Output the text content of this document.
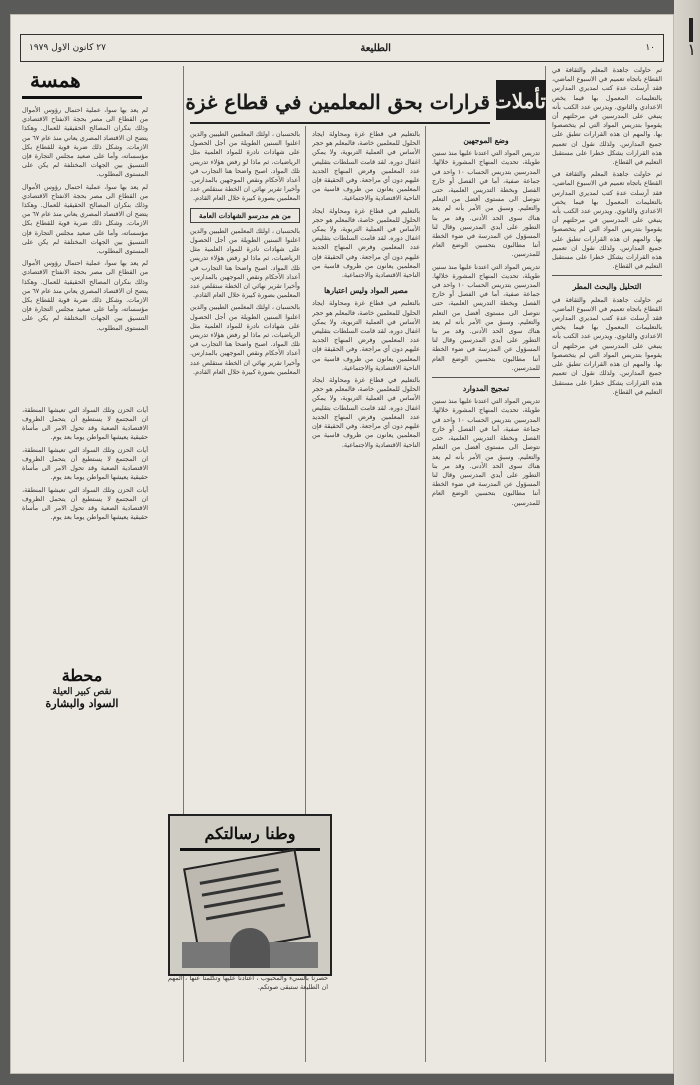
١٠
الطليعة
٢٧ كانون الاول ١٩٧٩

ثم حاولت جاهدة المعلم والثقافة في القطاع باتجاه تعميم في الاسبوع الماضي، فقد أرسلت عدة كتب لمديري المدارس بالتعليمات المعمول بها فيما يخص الاعدادي والثانوي. ويدرس عدد الكتب بأنه ينبغي على المدرسين في مرحلتهم أن يقوموا بتدريس المواد التي لم يتخصصوا بها. والمهم ان هذه القرارات تطبق على جميع المدارس. ولذلك نقول ان تعميم هذه القرارات يشكل خطرا على مستقبل التعليم في القطاع.

ثم حاولت جاهدة المعلم والثقافة في القطاع باتجاه تعميم في الاسبوع الماضي، فقد أرسلت عدة كتب لمديري المدارس بالتعليمات المعمول بها فيما يخص الاعدادي والثانوي. ويدرس عدد الكتب بأنه ينبغي على المدرسين في مرحلتهم أن يقوموا بتدريس المواد التي لم يتخصصوا بها. والمهم ان هذه القرارات تطبق على جميع المدارس. ولذلك نقول ان تعميم هذه القرارات يشكل خطرا على مستقبل التعليم في القطاع.

التحليل والبحث المطر

ثم حاولت جاهدة المعلم والثقافة في القطاع باتجاه تعميم في الاسبوع الماضي، فقد أرسلت عدة كتب لمديري المدارس بالتعليمات المعمول بها فيما يخص الاعدادي والثانوي. ويدرس عدد الكتب بأنه ينبغي على المدرسين في مرحلتهم أن يقوموا بتدريس المواد التي لم يتخصصوا بها. والمهم ان هذه القرارات تطبق على جميع المدارس. ولذلك نقول ان تعميم هذه القرارات يشكل خطرا على مستقبل التعليم في القطاع.

تأملات
قرارات بحق المعلمين في قطاع غزة
وضع الموجهين

تدريس المواد التي اعتدنا عليها منذ سنين طويلة، تحديث المنهاج المشورة خلالها. المدرسين بتدريس الحساب ١٠ واحد في جماعة صفية، أما في الفصل أو خارج الفصل وبخطة التدريس العلمية، حتى نتوصل الى مستوى أفضل من التعلم والتعليم. وسبق من الأمر بأنه لم يعد هناك سوى الحد الأدنى. وقد مر بنا التطور على أيدي المدرسين وقال لنا المسؤول عن المدرسة في ضوء الخطة أننا مطالبون بتحسين الوضع العام للمدرسين.

تدريس المواد التي اعتدنا عليها منذ سنين طويلة، تحديث المنهاج المشورة خلالها. المدرسين بتدريس الحساب ١٠ واحد في جماعة صفية، أما في الفصل أو خارج الفصل وبخطة التدريس العلمية، حتى نتوصل الى مستوى أفضل من التعلم والتعليم. وسبق من الأمر بأنه لم يعد هناك سوى الحد الأدنى. وقد مر بنا التطور على أيدي المدرسين وقال لنا المسؤول عن المدرسة في ضوء الخطة أننا مطالبون بتحسين الوضع العام للمدرسين.

تمجيج المدوارد

تدريس المواد التي اعتدنا عليها منذ سنين طويلة، تحديث المنهاج المشورة خلالها. المدرسين بتدريس الحساب ١٠ واحد في جماعة صفية، أما في الفصل أو خارج الفصل وبخطة التدريس العلمية، حتى نتوصل الى مستوى أفضل من التعلم والتعليم. وسبق من الأمر بأنه لم يعد هناك سوى الحد الأدنى. وقد مر بنا التطور على أيدي المدرسين وقال لنا المسؤول عن المدرسة في ضوء الخطة أننا مطالبون بتحسين الوضع العام للمدرسين.

بالتعليم في قطاع غزة ومحاولة ايجاد الحلول للمعلمين خاصة، فالمعلم هو حجر الأساس في العملية التربوية، ولا يمكن اغفال دوره. لقد قامت السلطات بتقليص عدد المعلمين وفرض المنهاج الجديد عليهم دون أي مراجعة. وفي الحقيقة فإن المعلمين يعانون من ظروف قاسية من الناحية الاقتصادية والاجتماعية.

بالتعليم في قطاع غزة ومحاولة ايجاد الحلول للمعلمين خاصة، فالمعلم هو حجر الأساس في العملية التربوية، ولا يمكن اغفال دوره. لقد قامت السلطات بتقليص عدد المعلمين وفرض المنهاج الجديد عليهم دون أي مراجعة. وفي الحقيقة فإن المعلمين يعانون من ظروف قاسية من الناحية الاقتصادية والاجتماعية.

مصير المواد وليس اعتبارها

بالتعليم في قطاع غزة ومحاولة ايجاد الحلول للمعلمين خاصة، فالمعلم هو حجر الأساس في العملية التربوية، ولا يمكن اغفال دوره. لقد قامت السلطات بتقليص عدد المعلمين وفرض المنهاج الجديد عليهم دون أي مراجعة. وفي الحقيقة فإن المعلمين يعانون من ظروف قاسية من الناحية الاقتصادية والاجتماعية.

بالتعليم في قطاع غزة ومحاولة ايجاد الحلول للمعلمين خاصة، فالمعلم هو حجر الأساس في العملية التربوية، ولا يمكن اغفال دوره. لقد قامت السلطات بتقليص عدد المعلمين وفرض المنهاج الجديد عليهم دون أي مراجعة. وفي الحقيقة فإن المعلمين يعانون من ظروف قاسية من الناحية الاقتصادية والاجتماعية.

بالحسبان ، اولئك المعلمين الطيبين والدين اعلنوا السنين الطويلة من أجل الحصول على شهادات نادرة للمواد العلمية مثل الرياضيات، ثم ماذا لو رفض هؤلاء تدريس تلك المواد. اصبح واضحا هنا التجارب في أعداد الأحكام ونقص الموجهين بالمدارس. وأخيرا تقرير نهائي ان الخطة ستقلص عدد المعلمين بصورة كبيرة خلال العام القادم.

من هم مدرسو الشهادات العامة

بالحسبان ، اولئك المعلمين الطيبين والدين اعلنوا السنين الطويلة من أجل الحصول على شهادات نادرة للمواد العلمية مثل الرياضيات، ثم ماذا لو رفض هؤلاء تدريس تلك المواد. اصبح واضحا هنا التجارب في أعداد الأحكام ونقص الموجهين بالمدارس. وأخيرا تقرير نهائي ان الخطة ستقلص عدد المعلمين بصورة كبيرة خلال العام القادم.

بالحسبان ، اولئك المعلمين الطيبين والدين اعلنوا السنين الطويلة من أجل الحصول على شهادات نادرة للمواد العلمية مثل الرياضيات، ثم ماذا لو رفض هؤلاء تدريس تلك المواد. اصبح واضحا هنا التجارب في أعداد الأحكام ونقص الموجهين بالمدارس. وأخيرا تقرير نهائي ان الخطة ستقلص عدد المعلمين بصورة كبيرة خلال العام القادم.

لم يعد بها سوا، عملية احتمال رؤوس الأموال من القطاع الى مصر بحجة الانفتاح الاقتصادي وذلك بنكران المصالح الحقيقية للعمال. وهكذا يتضح ان الاقتصاد المصري يعاني منذ عام ٦٧ من الازمات. وشكل ذلك ضربة قوية للقطاع بكل مؤسساته، وأما على صعيد مجلس التجارة فإن التنسيق بين الجهات المختلفة لم يكن على المستوى المطلوب.

لم يعد بها سوا، عملية احتمال رؤوس الأموال من القطاع الى مصر بحجة الانفتاح الاقتصادي وذلك بنكران المصالح الحقيقية للعمال. وهكذا يتضح ان الاقتصاد المصري يعاني منذ عام ٦٧ من الازمات. وشكل ذلك ضربة قوية للقطاع بكل مؤسساته، وأما على صعيد مجلس التجارة فإن التنسيق بين الجهات المختلفة لم يكن على المستوى المطلوب.

لم يعد بها سوا، عملية احتمال رؤوس الأموال من القطاع الى مصر بحجة الانفتاح الاقتصادي وذلك بنكران المصالح الحقيقية للعمال. وهكذا يتضح ان الاقتصاد المصري يعاني منذ عام ٦٧ من الازمات. وشكل ذلك ضربة قوية للقطاع بكل مؤسساته، وأما على صعيد مجلس التجارة فإن التنسيق بين الجهات المختلفة لم يكن على المستوى المطلوب.

أيات الحزن وتلك السواد التي تعيشها المنطقة، ان المجتمع لا يستطيع أن يتحمل الظروف الاقتصادية الصعبة وقد تحول الامر الى مأساة حقيقية يعيشها المواطن يوما بعد يوم.

أيات الحزن وتلك السواد التي تعيشها المنطقة، ان المجتمع لا يستطيع أن يتحمل الظروف الاقتصادية الصعبة وقد تحول الامر الى مأساة حقيقية يعيشها المواطن يوما بعد يوم.

أيات الحزن وتلك السواد التي تعيشها المنطقة، ان المجتمع لا يستطيع أن يتحمل الظروف الاقتصادية الصعبة وقد تحول الامر الى مأساة حقيقية يعيشها المواطن يوما بعد يوم.

همسة
محطة
نقص كبير العيلة
السواد والبشارة
وطنا رسالتكم

حصرنا بالسيء والمحبوب ، اعتادنا عليها وتكلمنا عنها ، المهم ان الطليعة ستبقى صوتكم.

١
